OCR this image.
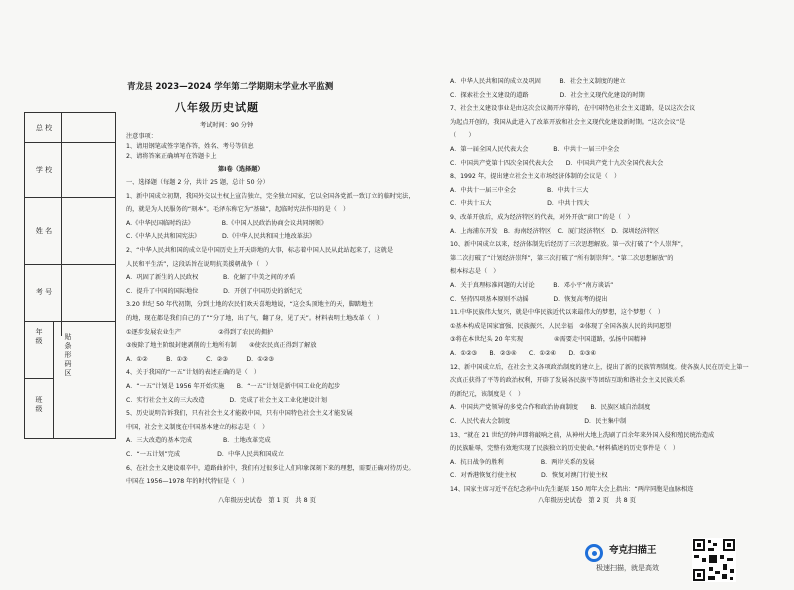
青龙县 2023—2024 学年第二学期期末学业水平监测
八年级历史试题
考试时间：90 分钟
总 校
学 校
姓 名
考 号
年级
班级
贴条形码区
注意事项：
1、请用钢笔或签字笔作答，姓名、考号等信息
2、请将答案正确填写在答题卡上
第Ⅰ卷（选择题）
一、选择题（每题 2 分，共计 25 题，总计 50 分）
1、新中国成立初期，我国外交以主权上宣告独立，完全独立国家，它以全国各党派一致订立的临时宪法，
的，就是为人民服务的“刻本”。毛泽东称它为“基础”，起临时宪法作用的是（　）
A.《中华民国临时约法》　　　　　B.《中国人民政治协商会议共同纲领》
C.《中华人民共和国宪法》　　　　D.《中华人民共和国土地改革法》
2、“中华人民共和国的成立是中国历史上开天辟地的大事，标志着中国人民从此站起来了，这就是
人民和平生活”，这段话旨在说明抗美援朝战争（　）
A．巩固了新生的人民政权　　　　B．化解了中美之间的矛盾
C．提升了中国的国际地位　　　　D．开创了中国历史的新纪元
3.20 世纪 50 年代初期，分到土地的农民们欢天喜地地说，“这会头顶地主的天，脚踏地主
的地，现在都是我们自己的了”“分了地，出了气，翻了身，见了天”。材料表明土地改革（　）
①逐步发展农业生产　　　　　　②得到了农民的拥护
③废除了地主阶级封建剥削的土地所有制　　④使农民真正得到了解放
A．①②　　　B．①③　　　C．②③　　　D．①②③
4、关于我国的“一五”计划的表述正确的是（　）
A．“一五”计划是 1956 年开始实施　　B．“一五”计划是新中国工业化的起步
C．实行社会主义的三大改造　　　　D．完成了社会主义工业化建设计划
5、历史说明告诉我们，只有社会主义才能救中国，只有中国特色社会主义才能发展
中国，社会主义制度在中国基本建立的标志是（　）
A．三大改造的基本完成　　　　　B．土地改革完成
C．“一五计划”完成　　　　　　D．中华人民共和国成立
6、在社会主义建设艰辛中，道路曲折中，我们有过很多让人们印象深刻下来的理想，需要正确对待历史。
中国在 1956—1978 年的时代特征是（　）
A．中华人民共和国的成立及巩固　　　B．社会主义制度的建立
C．探索社会主义建设的道路　　　　　D．社会主义现代化建设的时期
7、社会主义建设事业是由这次会议揭开序幕的，在中国特色社会主义道路，是以这次会议
为起点开创的，我国从此进入了改革开放和社会主义现代化建设新时期。“这次会议”是
（　　）
A．第一届全国人民代表大会　　　　B．中共十一届三中全会
C．中国共产党第十四次全国代表大会　　D．中国共产党十九次全国代表大会
8、1992 年，提出建立社会主义市场经济体制的会议是（　）
A．中共十一届三中全会　　　　　B．中共十三大
C．中共十五大　　　　　　　　　D．中共十四大
9、改革开放后，成为经济特区的代表，对外开放“窗口”的是（　）
A．上海浦东开发　B．海南经济特区　C．厦门经济特区　D．深圳经济特区
10、新中国成立以来，经济体制先后经历了三次思想解放。第一次打破了“个人崇拜”，
第二次打破了“计划经济崇拜”，第三次打破了“所有制崇拜”。“第二次思想解放”的
根本标志是（　）
A．关于真理标准问题的大讨论　　　B．邓小平“南方谈话”
C．坚持四项基本原则不动摇　　　　D．恢复高考的提出
11.中华民族伟大复兴，就是中华民族近代以来最伟大的梦想，这个梦想（　）
①基本构成是国家富强、民族振兴、人民幸福　②体现了全国各族人民的共同愿望
③将在本世纪头 20 年实现　　　　　④需要走中国道路，弘扬中国精神
A．①②③　　B．②③④　　C．①②④　　D．①③④
12、新中国成立后，在社会主义各项政治制度的建立上，提出了新的民族管理制度。使各族人民在历史上第一
次真正获得了平等的政治权利，开辟了发展各民族平等团结互助和谐社会主义民族关系
的新纪元，该制度是（　）
A．中国共产党领导的多党合作和政治协商制度　　B．民族区域自治制度
C．人民代表大会制度　　　　　　　　　　　　D．民主集中制
13、“就在 21 世纪的钟声即将敲响之前，从神州大地上洗刷了百余年来外国入侵和殖民统治造成
的民族耻辱，完整有效地实现了民族独立的历史使命。”材料描述的历史事件是（　）
A．抗日战争的胜利　　　　　　B．两岸关系的发展
C．对香港恢复行使主权　　　　D．恢复对澳门行使主权
14、国家主席习近平在纪念孙中山先生诞辰 150 周年大会上指出：“两岸同胞是血脉相连
八年级历史试卷　第 1 页　共 8 页	八年级历史试卷　第 2 页　共 8 页
夸克扫描王
极速扫描，就是高效
